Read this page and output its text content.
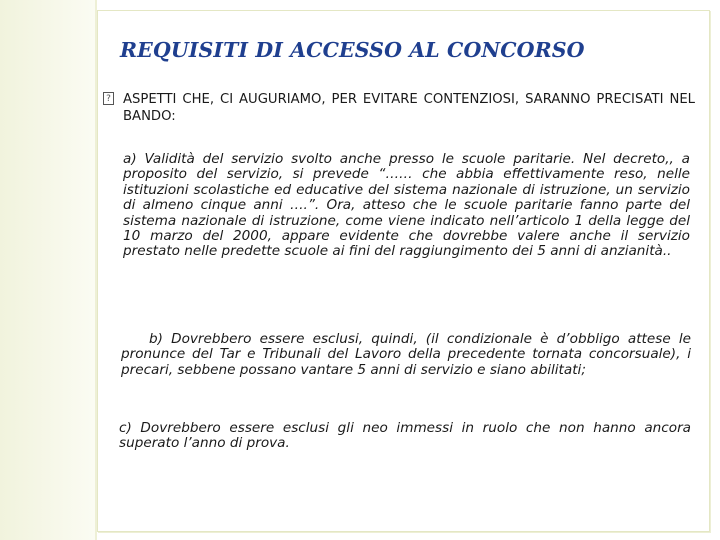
REQUISITI DI ACCESSO AL CONCORSO
? ASPETTI CHE, CI AUGURIAMO, PER EVITARE CONTENZIOSI, SARANNO PRECISATI NEL BANDO:
a) Validità del servizio svolto anche presso le scuole paritarie. Nel decreto,, a proposito del servizio, si prevede “…… che abbia effettivamente reso, nelle istituzioni scolastiche ed educative del sistema nazionale di istruzione, un servizio di almeno cinque anni ….”. Ora, atteso che le scuole paritarie fanno parte del sistema nazionale di istruzione, come viene indicato nell’articolo 1 della legge del 10 marzo del 2000, appare evidente che dovrebbe valere anche il servizio prestato nelle predette scuole ai fini del raggiungimento dei 5 anni di anzianità..
b) Dovrebbero essere esclusi, quindi, (il condizionale è d’obbligo attese le pronunce del Tar e Tribunali del Lavoro della precedente tornata concorsuale), i precari, sebbene possano vantare 5 anni di servizio e siano abilitati;
c) Dovrebbero essere esclusi gli neo immessi in ruolo che non hanno ancora superato l’anno di prova.
